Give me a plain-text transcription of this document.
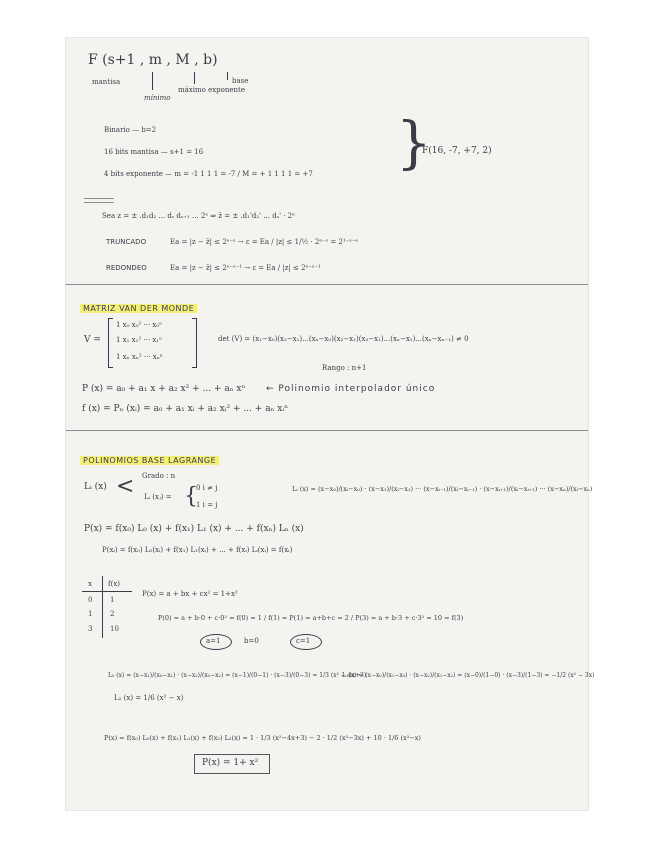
F (s+1 , m , M , b)
mantisa
mínimo
máximo exponente
base
Binario — b=2
16 bits mantisa — s+1 = 16
4 bits exponente — m = -1 1 1 1 = -7 / M = + 1 1 1 1 = +7 }
F(16, -7, +7, 2)
Sea z = ± .d₁d₂ ... dₛ dₛ₊₁ ... 2ᵉ ⇒ z̄ = ± .d₁'d₂' ... dₛ' · 2ᵉ
TRUNCADO	Ea = |z − z̄| ≤ 2ᵉ⁻ˢ → ε = Ea / |z| ≤ 1/½ · 2ᵉ⁻ˢ = 2¹⁻ˢ⁻ᵉ
REDONDEO	Ea = |z − z̄| ≤ 2ᵉ⁻ˢ⁻¹ → ε = Ea / |z| ≤ 2ᵉ⁻ˢ⁻¹
MATRIZ VAN DER MONDE
V =
1 x₀ x₀² ··· x₀ⁿ
1 x₁ x₁² ··· x₁ⁿ
1 xₙ xₙ² ··· xₙⁿ
det (V) = (x₁−x₀)(x₂−x₁)...(xₙ−x₀)(x₂−x₁)(x₃−x₁)...(xₙ−x₁)...(xₙ−xₙ₋₁) ≠ 0
Rango : n+1
P (x) = a₀ + a₁ x + a₂ x² + ... + aₙ xⁿ ← Polinomio interpolador único
f (x) = Pₙ (xᵢ) = a₀ + a₁ xᵢ + a₂ xᵢ² + ... + aₙ xᵢⁿ
POLINOMIOS BASE LAGRANGE
Lᵢ (x) < Grado : n
Lᵢ (xⱼ) = {
0 i ≠ j
1 i = j
Lᵢ (x) = (x−x₀)/(xᵢ−x₀) · (x−x₁)/(xᵢ−x₁) ··· (x−xᵢ₋₁)/(xᵢ−xᵢ₋₁) · (x−xᵢ₊₁)/(xᵢ−xᵢ₊₁) ··· (x−xₙ)/(xᵢ−xₙ)
P(x) = f(x₀) L₀ (x) + f(x₁) L₁ (x) + ... + f(xₙ) Lₙ (x)
P(xᵢ) = f(x₀) L₀(xᵢ) + f(x₁) L₁(xᵢ) + ... + f(xᵢ) Lᵢ(xᵢ) = f(xᵢ)
x f(x)
0	1
1	2
3	10
P(x) = a + bx + cx² = 1+x²
P(0) = a + b·0 + c·0² = f(0) = 1 / f(1) = P(1) = a+b+c = 2 / P(3) = a + b·3 + c·3² = 10 = f(3)
a=1	b=0	c=1
L₀ (x) = (x−x₁)/(x₀−x₁) · (x−x₂)/(x₀−x₂) = (x−1)/(0−1) · (x−3)/(0−3) = 1/3 (x² − 4x+3)
L₁(x) = (x−x₀)/(x₁−x₀) · (x−x₂)/(x₁−x₂) = (x−0)/(1−0) · (x−3)/(1−3) = −1/2 (x² − 3x)
L₂ (x) = 1/6 (x² − x)
P(x) = f(x₀) L₀(x) + f(x₁) L₁(x) + f(x₂) L₂(x) = 1 · 1/3 (x²−4x+3) − 2 · 1/2 (x²−3x) + 10 · 1/6 (x²−x)
P(x) = 1+ x²
